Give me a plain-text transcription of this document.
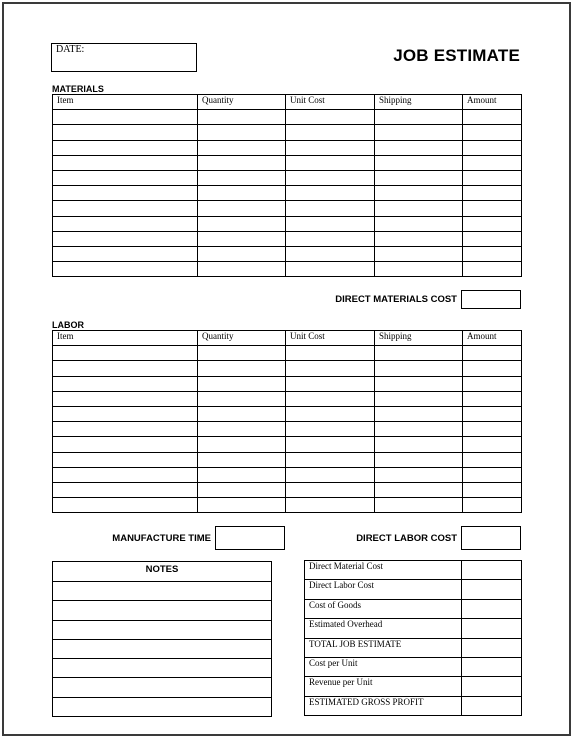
DATE:	JOB ESTIMATE
MATERIALS
Item	Quantity	Unit Cost	Shipping	Amount

DIRECT MATERIALS COST
LABOR
Item	Quantity	Unit Cost	Shipping	Amount

MANUFACTURE TIME	DIRECT LABOR COST
NOTES	Direct Material Cost	
Direct Labor Cost	
Cost of Goods	
Estimated Overhead	
TOTAL JOB ESTIMATE	
Cost per Unit	
Revenue per Unit	
ESTIMATED GROSS PROFIT	
